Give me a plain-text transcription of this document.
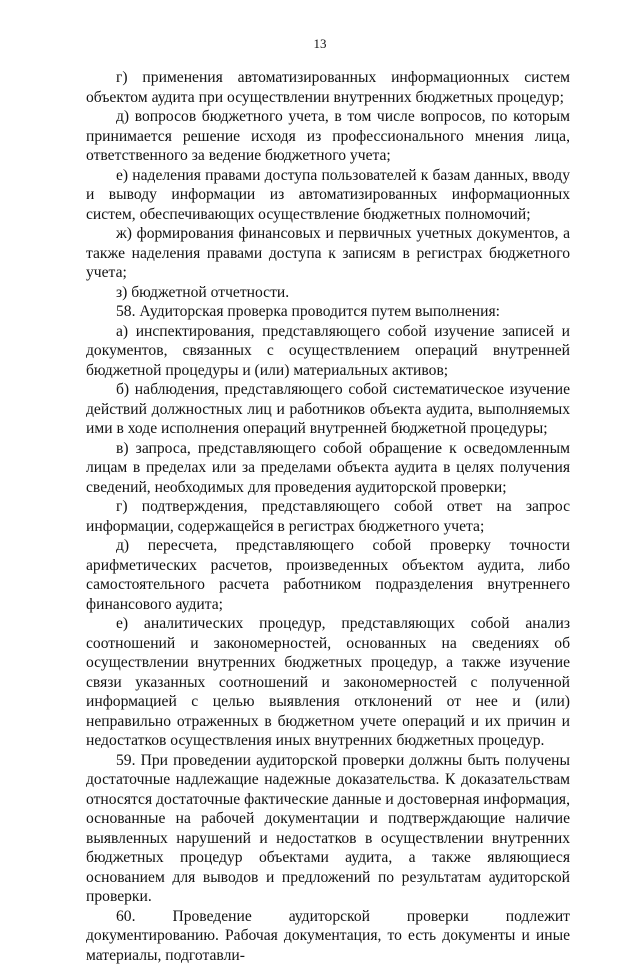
13

г) применения автоматизированных информационных систем объектом аудита при осуществлении внутренних бюджетных процедур;

д) вопросов бюджетного учета, в том числе вопросов, по которым принимается решение исходя из профессионального мнения лица, ответственного за ведение бюджетного учета;

е) наделения правами доступа пользователей к базам данных, вводу и выводу информации из автоматизированных информационных систем, обеспечивающих осуществление бюджетных полномочий;

ж) формирования финансовых и первичных учетных документов, а также наделения правами доступа к записям в регистрах бюджетного учета;

з) бюджетной отчетности.

58. Аудиторская проверка проводится путем выполнения:

а) инспектирования, представляющего собой изучение записей и документов, связанных с осуществлением операций внутренней бюджетной процедуры и (или) материальных активов;

б) наблюдения, представляющего собой систематическое изучение действий должностных лиц и работников объекта аудита, выполняемых ими в ходе исполнения операций внутренней бюджетной процедуры;

в) запроса, представляющего собой обращение к осведомленным лицам в пределах или за пределами объекта аудита в целях получения сведений, необходимых для проведения аудиторской проверки;

г) подтверждения, представляющего собой ответ на запрос информации, содержащейся в регистрах бюджетного учета;

д) пересчета, представляющего собой проверку точности арифметических расчетов, произведенных объектом аудита, либо самостоятельного расчета работником подразделения внутреннего финансового аудита;

е) аналитических процедур, представляющих собой анализ соотношений и закономерностей, основанных на сведениях об осуществлении внутренних бюджетных процедур, а также изучение связи указанных соотношений и закономерностей с полученной информацией с целью выявления отклонений от нее и (или) неправильно отраженных в бюджетном учете операций и их причин и недостатков осуществления иных внутренних бюджетных процедур.

59. При проведении аудиторской проверки должны быть получены достаточные надлежащие надежные доказательства. К доказательствам относятся достаточные фактические данные и достоверная информация, основанные на рабочей документации и подтверждающие наличие выявленных нарушений и недостатков в осуществлении внутренних бюджетных процедур объектами аудита, а также являющиеся основанием для выводов и предложений по результатам аудиторской проверки.

60. Проведение аудиторской проверки подлежит документированию. Рабочая документация, то есть документы и иные материалы, подготавли-
